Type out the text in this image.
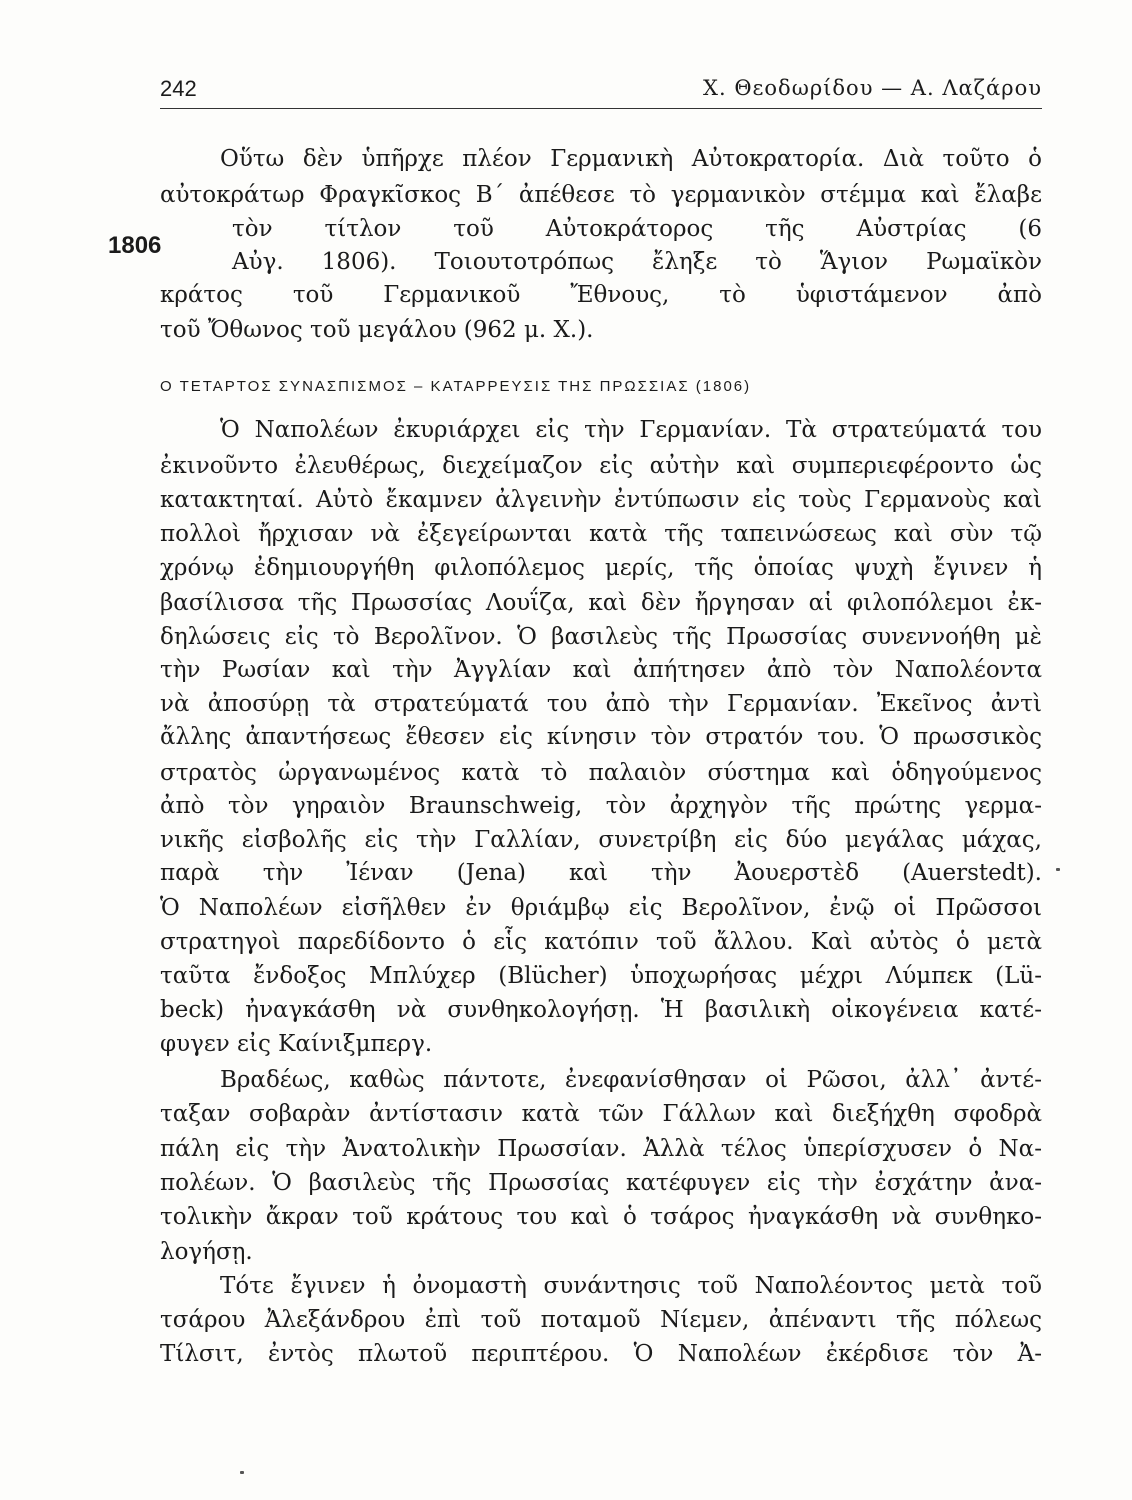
242	Χ. Θεοδωρίδου — Α. Λαζάρου
1806
Οὕτω δὲν ὑπῆρχε πλέον Γερμανικὴ Αὐτοκρατορία. Διὰ τοῦτο ὁ
αὐτοκράτωρ Φραγκῖσκος Β΄ ἀπέθεσε τὸ γερμανικὸν στέμμα καὶ ἔλαβε
τὸν τίτλον τοῦ Αὐτοκράτορος τῆς Αὐστρίας (6
Αὐγ. 1806). Τοιουτοτρόπως ἔληξε τὸ Ἅγιον Ρωμαϊκὸν
κράτος τοῦ Γερμανικοῦ Ἔθνους, τὸ ὑφιστάμενον ἀπὸ
τοῦ Ὄθωνος τοῦ μεγάλου (962 μ. Χ.).
Ο ΤΕΤΑΡΤΟΣ ΣΥΝΑΣΠΙΣΜΟΣ – ΚΑΤΑΡΡΕΥΣΙΣ ΤΗΣ ΠΡΩΣΣΙΑΣ (1806)
Ὁ Ναπολέων ἐκυριάρχει εἰς τὴν Γερμανίαν. Τὰ στρατεύματά του
ἐκινοῦντο ἐλευθέρως, διεχείμαζον εἰς αὐτὴν καὶ συμπεριεφέροντο ὡς
κατακτηταί. Αὐτὸ ἔκαμνεν ἀλγεινὴν ἐντύπωσιν εἰς τοὺς Γερμανοὺς καὶ
πολλοὶ ἤρχισαν νὰ ἐξεγείρωνται κατὰ τῆς ταπεινώσεως καὶ σὺν τῷ
χρόνῳ ἐδημιουργήθη φιλοπόλεμος μερίς, τῆς ὁποίας ψυχὴ ἔγινεν ἡ
βασίλισσα τῆς Πρωσσίας Λουΐζα, καὶ δὲν ἤργησαν αἱ φιλοπόλεμοι ἐκ-
δηλώσεις εἰς τὸ Βερολῖνον. Ὁ βασιλεὺς τῆς Πρωσσίας συνεννοήθη μὲ
τὴν Ρωσίαν καὶ τὴν Ἀγγλίαν καὶ ἀπήτησεν ἀπὸ τὸν Ναπολέοντα
νὰ ἀποσύρῃ τὰ στρατεύματά του ἀπὸ τὴν Γερμανίαν. Ἐκεῖνος ἀντὶ
ἄλλης ἀπαντήσεως ἔθεσεν εἰς κίνησιν τὸν στρατόν του. Ὁ πρωσσικὸς
στρατὸς ὠργανωμένος κατὰ τὸ παλαιὸν σύστημα καὶ ὁδηγούμενος
ἀπὸ τὸν γηραιὸν Braunschweig, τὸν ἀρχηγὸν τῆς πρώτης γερμα-
νικῆς εἰσβολῆς εἰς τὴν Γαλλίαν, συνετρίβη εἰς δύο μεγάλας μάχας,
παρὰ τὴν Ἰέναν (Jena) καὶ τὴν Ἀουερστὲδ (Auerstedt).
Ὁ Ναπολέων εἰσῆλθεν ἐν θριάμβῳ εἰς Βερολῖνον, ἐνῷ οἱ Πρῶσσοι
στρατηγοὶ παρεδίδοντο ὁ εἷς κατόπιν τοῦ ἄλλου. Καὶ αὐτὸς ὁ μετὰ
ταῦτα ἔνδοξος Μπλύχερ (Blücher) ὑποχωρήσας μέχρι Λύμπεκ (Lü-
beck) ἠναγκάσθη νὰ συνθηκολογήσῃ. Ἡ βασιλικὴ οἰκογένεια κατέ-
φυγεν εἰς Καίνιξμπεργ.
Βραδέως, καθὼς πάντοτε, ἐνεφανίσθησαν οἱ Ρῶσοι, ἀλλ᾿ ἀντέ-
ταξαν σοβαρὰν ἀντίστασιν κατὰ τῶν Γάλλων καὶ διεξήχθη σφοδρὰ
πάλη εἰς τὴν Ἀνατολικὴν Πρωσσίαν. Ἀλλὰ τέλος ὑπερίσχυσεν ὁ Να-
πολέων. Ὁ βασιλεὺς τῆς Πρωσσίας κατέφυγεν εἰς τὴν ἐσχάτην ἀνα-
τολικὴν ἄκραν τοῦ κράτους του καὶ ὁ τσάρος ἠναγκάσθη νὰ συνθηκο-
λογήσῃ.
Τότε ἔγινεν ἡ ὀνομαστὴ συνάντησις τοῦ Ναπολέοντος μετὰ τοῦ
τσάρου Ἀλεξάνδρου ἐπὶ τοῦ ποταμοῦ Νίεμεν, ἀπέναντι τῆς πόλεως
Τίλσιτ, ἐντὸς πλωτοῦ περιπτέρου. Ὁ Ναπολέων ἐκέρδισε τὸν Ἀ-
